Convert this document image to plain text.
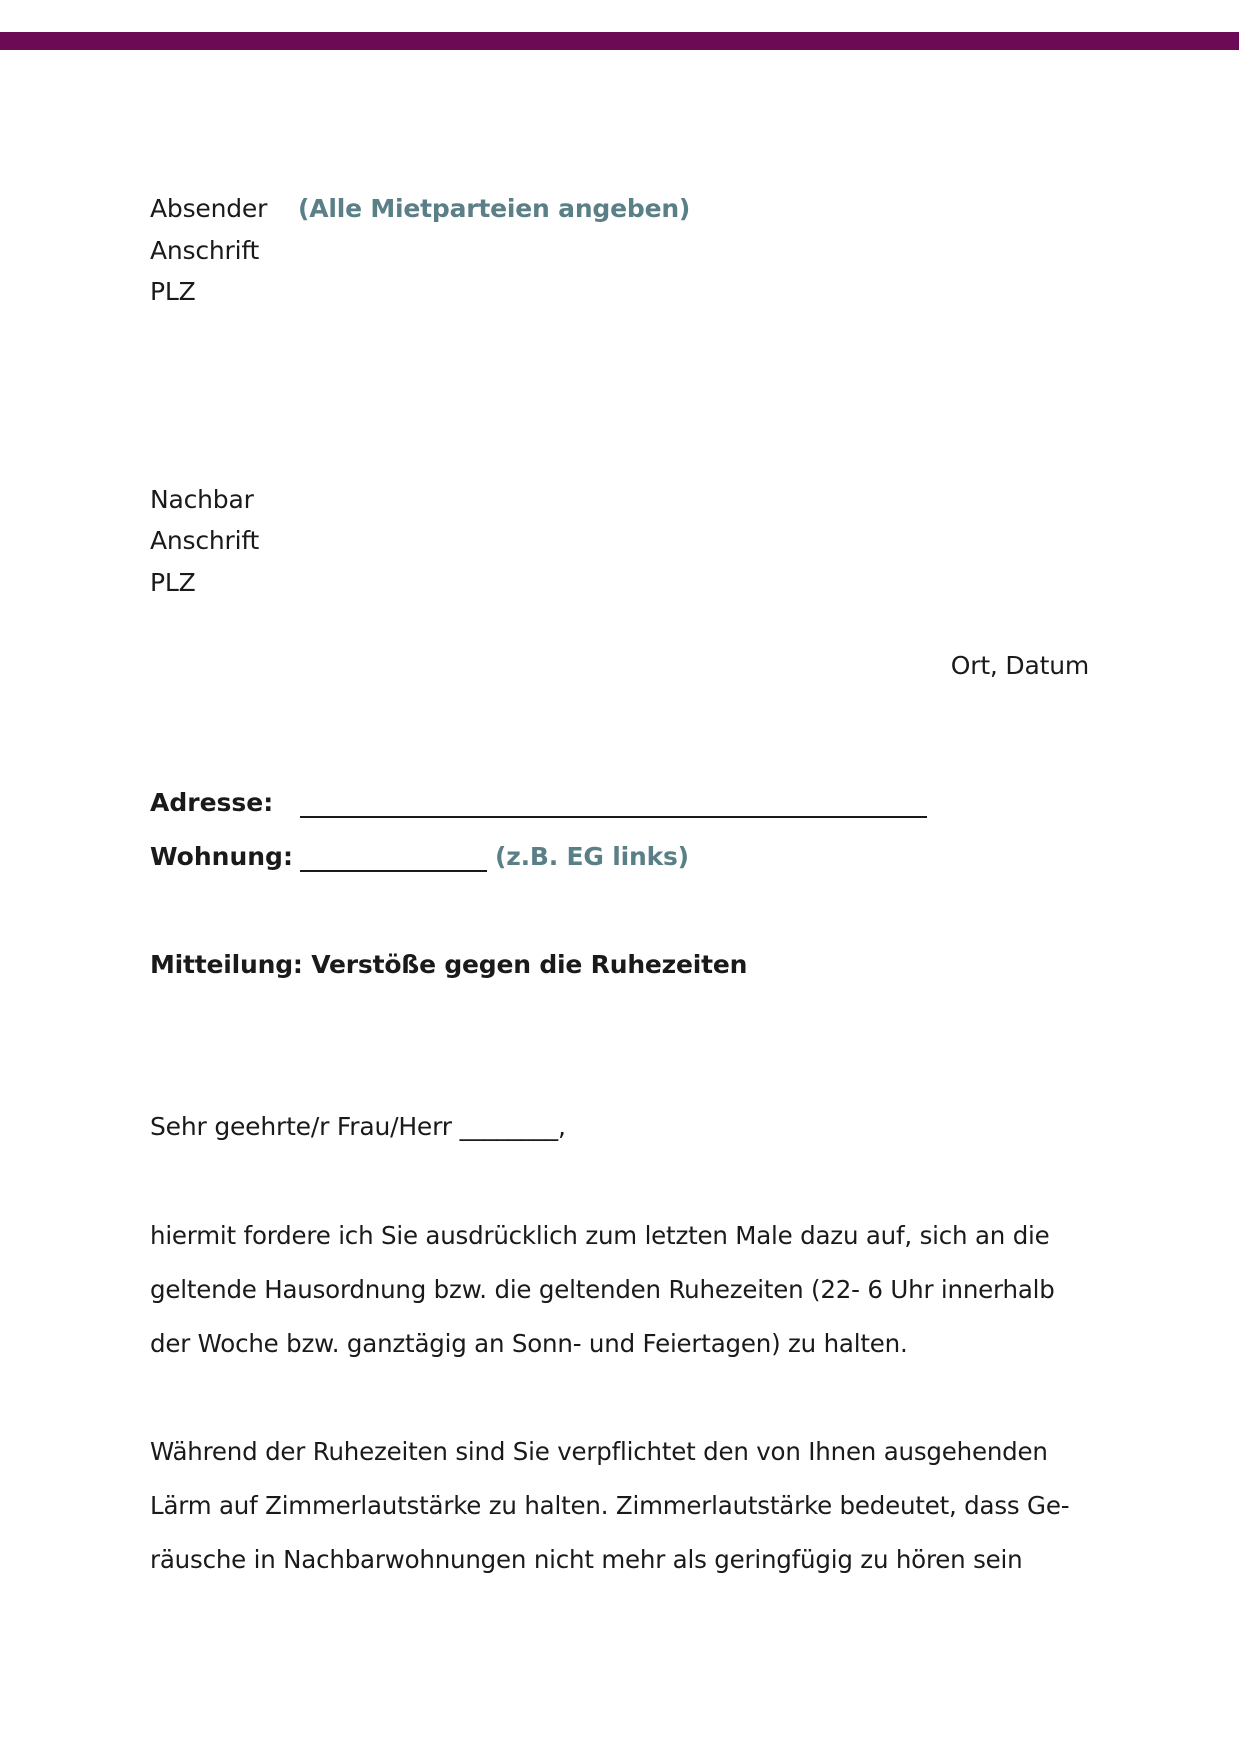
Absender (Alle Mietparteien angeben)
Anschrift
PLZ
Nachbar
Anschrift
PLZ
Ort, Datum
Adresse:
Wohnung:	(z.B. EG links)
Mitteilung: Verstöße gegen die Ruhezeiten
Sehr geehrte/r Frau/Herr ________,
hiermit fordere ich Sie ausdrücklich zum letzten Male dazu auf, sich an die
geltende Hausordnung bzw. die geltenden Ruhezeiten (22- 6 Uhr innerhalb
der Woche bzw. ganztägig an Sonn- und Feiertagen) zu halten.
Während der Ruhezeiten sind Sie verpflichtet den von Ihnen ausgehenden
Lärm auf Zimmerlautstärke zu halten. Zimmerlautstärke bedeutet, dass Ge-
räusche in Nachbarwohnungen nicht mehr als geringfügig zu hören sein
